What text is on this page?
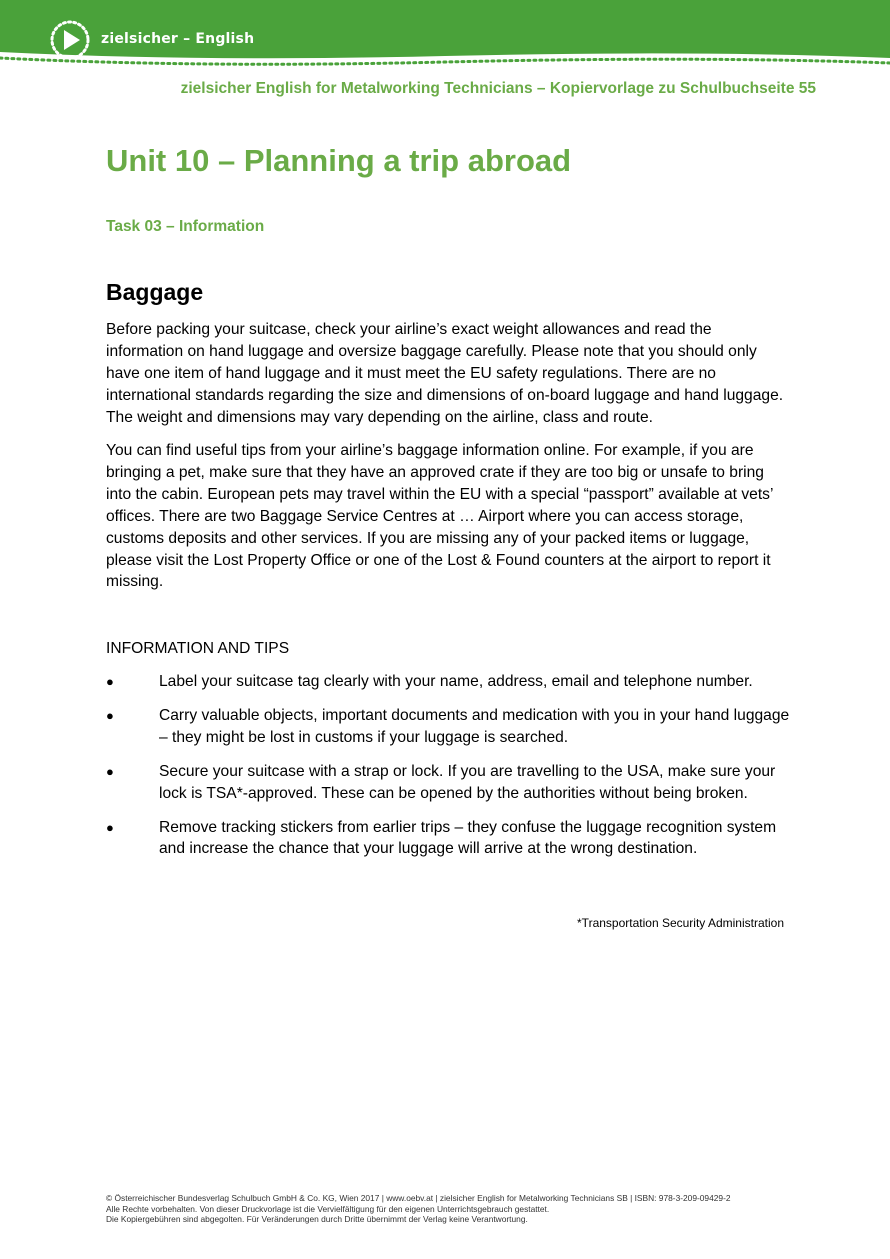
zielsicher – English
zielsicher English for Metalworking Technicians – Kopiervorlage zu Schulbuchseite 55
Unit 10 – Planning a trip abroad
Task 03 – Information
Baggage

Before packing your suitcase, check your airline’s exact weight allowances and read the information on hand luggage and oversize baggage carefully. Please note that you should only have one item of hand luggage and it must meet the EU safety regulations. There are no international standards regarding the size and dimensions of on-board luggage and hand luggage. The weight and dimensions may vary depending on the airline, class and route.

You can find useful tips from your airline’s baggage information online. For example, if you are bringing a pet, make sure that they have an approved crate if they are too big or unsafe to bring into the cabin. European pets may travel within the EU with a special “passport” available at vets’ offices. There are two Baggage Service Centres at … Airport where you can access storage, customs deposits and other services. If you are missing any of your packed items or luggage, please visit the Lost Property Office or one of the Lost & Found counters at the airport to report it missing.

INFORMATION AND TIPS
●	Label your suitcase tag clearly with your name, address, email and telephone number.
●	Carry valuable objects, important documents and medication with you in your hand luggage – they might be lost in customs if your luggage is searched.
●	Secure your suitcase with a strap or lock. If you are travelling to the USA, make sure your lock is TSA*-approved. These can be opened by the authorities without being broken.
●	Remove tracking stickers from earlier trips – they confuse the luggage recognition system and increase the chance that your luggage will arrive at the wrong destination.
*Transportation Security Administration
© Österreichischer Bundesverlag Schulbuch GmbH & Co. KG, Wien 2017 | www.oebv.at | zielsicher English for Metalworking Technicians SB | ISBN: 978-3-209-09429-2
Alle Rechte vorbehalten. Von dieser Druckvorlage ist die Vervielfältigung für den eigenen Unterrichtsgebrauch gestattet.
Die Kopiergebühren sind abgegolten. Für Veränderungen durch Dritte übernimmt der Verlag keine Verantwortung.
